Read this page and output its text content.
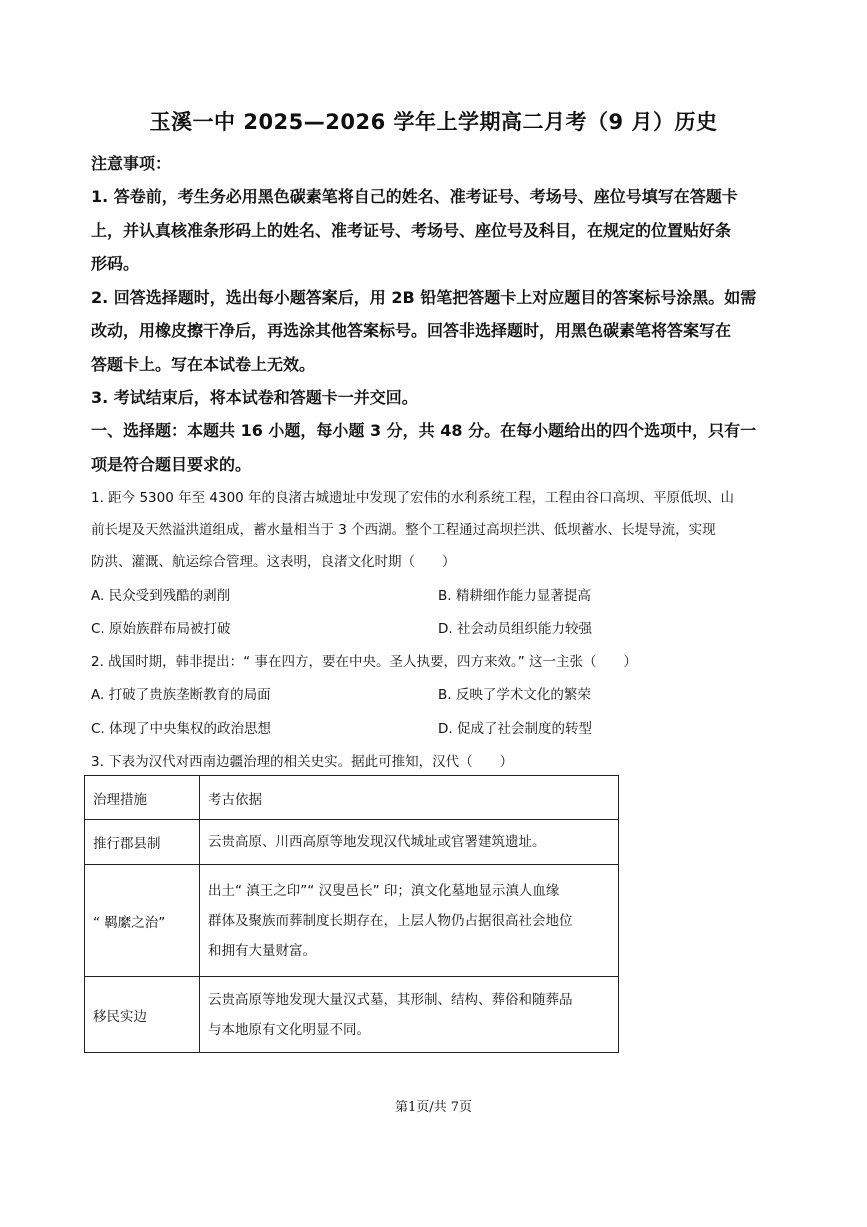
玉溪一中 2025—2026 学年上学期高二月考（9 月）历史
注意事项：
1. 答卷前，考生务必用黑色碳素笔将自己的姓名、准考证号、考场号、座位号填写在答题卡
上，并认真核准条形码上的姓名、准考证号、考场号、座位号及科目，在规定的位置贴好条
形码。
2. 回答选择题时，选出每小题答案后，用 2B 铅笔把答题卡上对应题目的答案标号涂黑。如需
改动，用橡皮擦干净后，再选涂其他答案标号。回答非选择题时，用黑色碳素笔将答案写在
答题卡上。写在本试卷上无效。
3. 考试结束后，将本试卷和答题卡一并交回。
一、选择题：本题共 16 小题，每小题 3 分，共 48 分。在每小题给出的四个选项中，只有一
项是符合题目要求的。
1. 距今 5300 年至 4300 年的良渚古城遗址中发现了宏伟的水利系统工程，工程由谷口高坝、平原低坝、山
前长堤及天然溢洪道组成，蓄水量相当于 3 个西湖。整个工程通过高坝拦洪、低坝蓄水、长堤导流，实现
防洪、灌溉、航运综合管理。这表明，良渚文化时期（　　）
A. 民众受到残酷的剥削	B. 精耕细作能力显著提高
C. 原始族群布局被打破	D. 社会动员组织能力较强
2. 战国时期，韩非提出：“ 事在四方，要在中央。圣人执要，四方来效。” 这一主张（　　）
A. 打破了贵族垄断教育的局面	B. 反映了学术文化的繁荣
C. 体现了中央集权的政治思想	D. 促成了社会制度的转型
3. 下表为汉代对西南边疆治理的相关史实。据此可推知，汉代（　　）
治理措施	考古依据
推行郡县制	云贵高原、川西高原等地发现汉代城址或官署建筑遗址。

“ 羁縻之治”	出土“ 滇王之印”“ 汉叟邑长” 印；滇文化墓地显示滇人血缘
群体及聚族而葬制度长期存在，上层人物仍占据很高社会地位
和拥有大量财富。

移民实边	云贵高原等地发现大量汉式墓，其形制、结构、葬俗和随葬品
与本地原有文化明显不同。
第1页/共 7页
